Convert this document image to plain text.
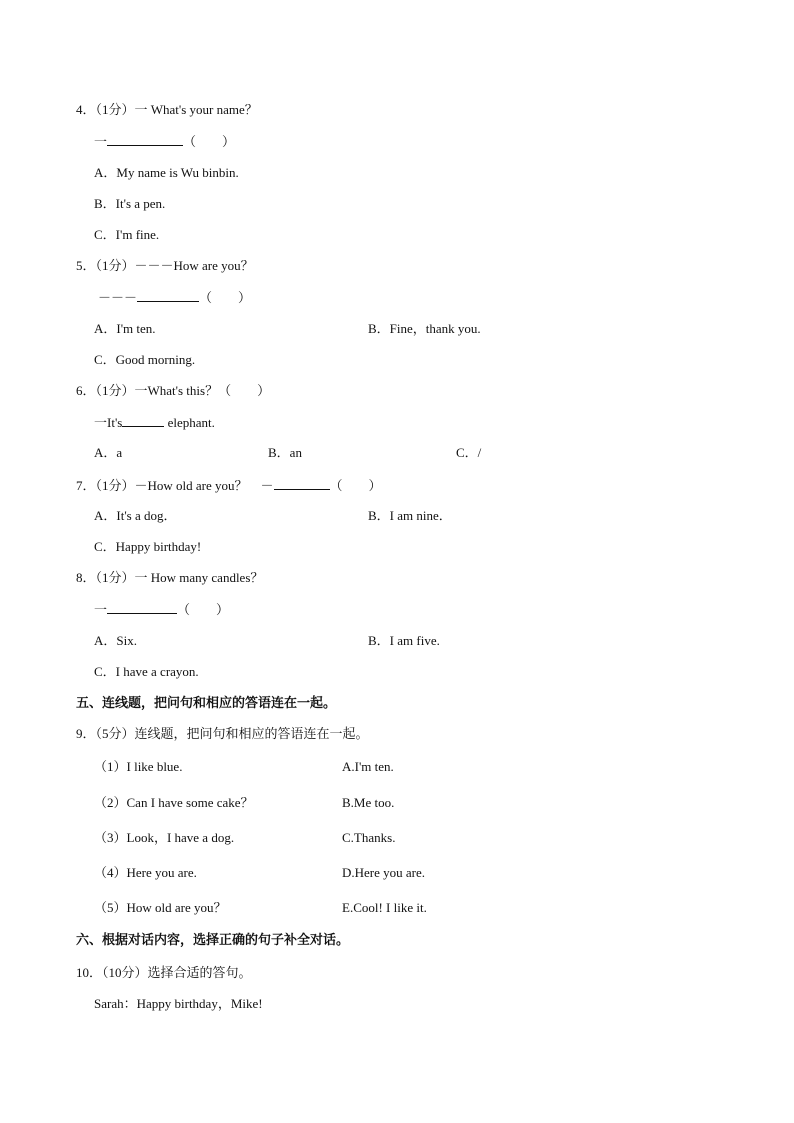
4．（1分）一 What's your name？
一	（　　）
A．My name is Wu binbin.
B．It's a pen.
C．I'm fine.
5．（1分）－－－How are you？
－－－	（　　）
A．I'm ten.	B．Fine，thank you.
C．Good morning.
6．（1分）一What's this？（　　）
一It's	elephant.
A．a	B．an	C．/
7．（1分）－How old are you？　－	（　　）
A．It's a dog．	B．I am nine．
C．Happy birthday!
8．（1分）一 How many candles？
一	（　　）
A．Six.	B．I am five.
C．I have a crayon.
五、连线题，把问句和相应的答语连在一起。
9．（5分）连线题，把问句和相应的答语连在一起。
（1）I like blue.	A.I'm ten.
（2）Can I have some cake？	B.Me too.
（3）Look，I have a dog.	C.Thanks.
（4）Here you are.	D.Here you are.
（5）How old are you？	E.Cool! I like it.
六、根据对话内容，选择正确的句子补全对话。
10．（10分）选择合适的答句。
Sarah：Happy birthday，Mike!
